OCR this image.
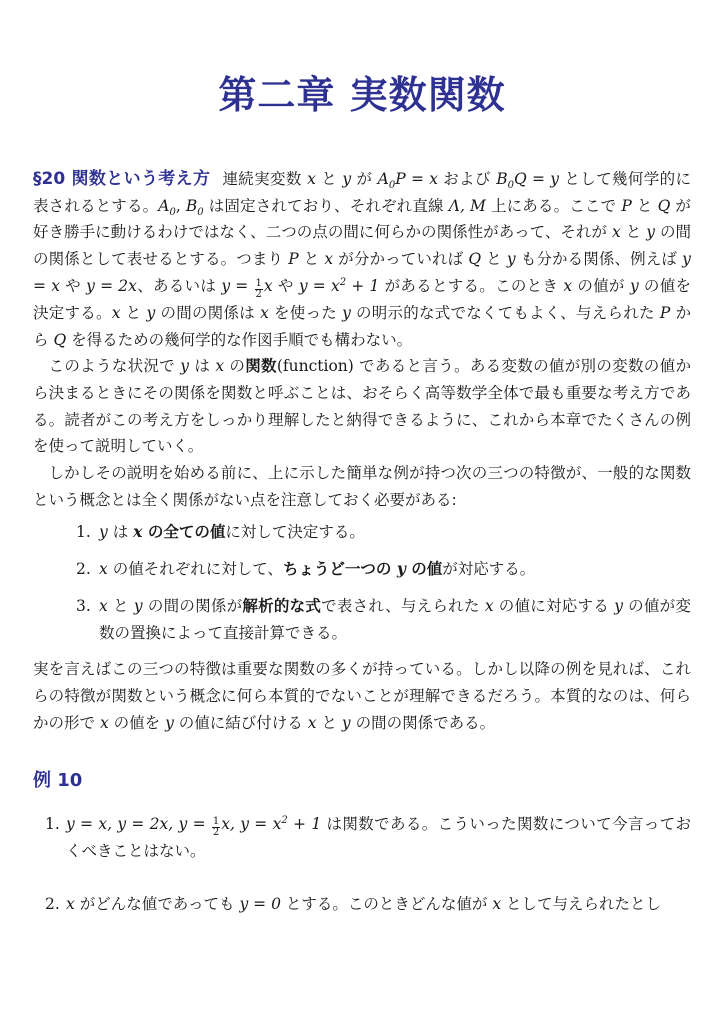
第二章 実数関数

§20 関数という考え方 連続実変数 x と y が $A_0P = x$ および $B_0Q = y$ として幾何学的に表されるとする。$A_0$, $B_0$ は固定されており、それぞれ直線 Λ, M 上にある。ここで P と Q が好き勝手に動けるわけではなく、二つの点の間に何らかの関係性があって、それが x と y の間の関係として表せるとする。つまり P と x が分かっていれば Q と y も分かる関係、例えば y = x や y = 2x、あるいは $y = \frac{1}{2}$ x や $y = x^2 + 1$ があるとする。このとき x の値が y の値を決定する。x と y の間の関係は x を使った y の明示的な式でなくてもよく、与えられた P から Q を得るための幾何学的な作図手順でも構わない。

このような状況で y は x の関数(function) であると言う。ある変数の値が別の変数の値から決まるときにその関係を関数と呼ぶことは、おそらく高等数学全体で最も重要な考え方である。読者がこの考え方をしっかり理解したと納得できるように、これから本章でたくさんの例を使って説明していく。

しかしその説明を始める前に、上に示した簡単な例が持つ次の三つの特徴が、一般的な関数という概念とは全く関係がない点を注意しておく必要がある:

1. y は x の全ての値に対して決定する。
2. x の値それぞれに対して、ちょうど一つの y の値が対応する。
3. x と y の間の関係が解析的な式で表され、与えられた x の値に対応する y の値が変数の置換によって直接計算できる。

実を言えばこの三つの特徴は重要な関数の多くが持っている。しかし以降の例を見れば、これらの特徴が関数という概念に何ら本質的でないことが理解できるだろう。本質的なのは、何らかの形で x の値を y の値に結び付ける x と y の間の関係である。

例 10
1. y = x, y = 2x, $y = \frac{1}{2} x$, $y = x^2 + 1$ は関数である。こういった関数について今言っておくべきことはない。
2. x がどんな値であっても y = 0 とする。このときどんな値が x として与えられたとし
